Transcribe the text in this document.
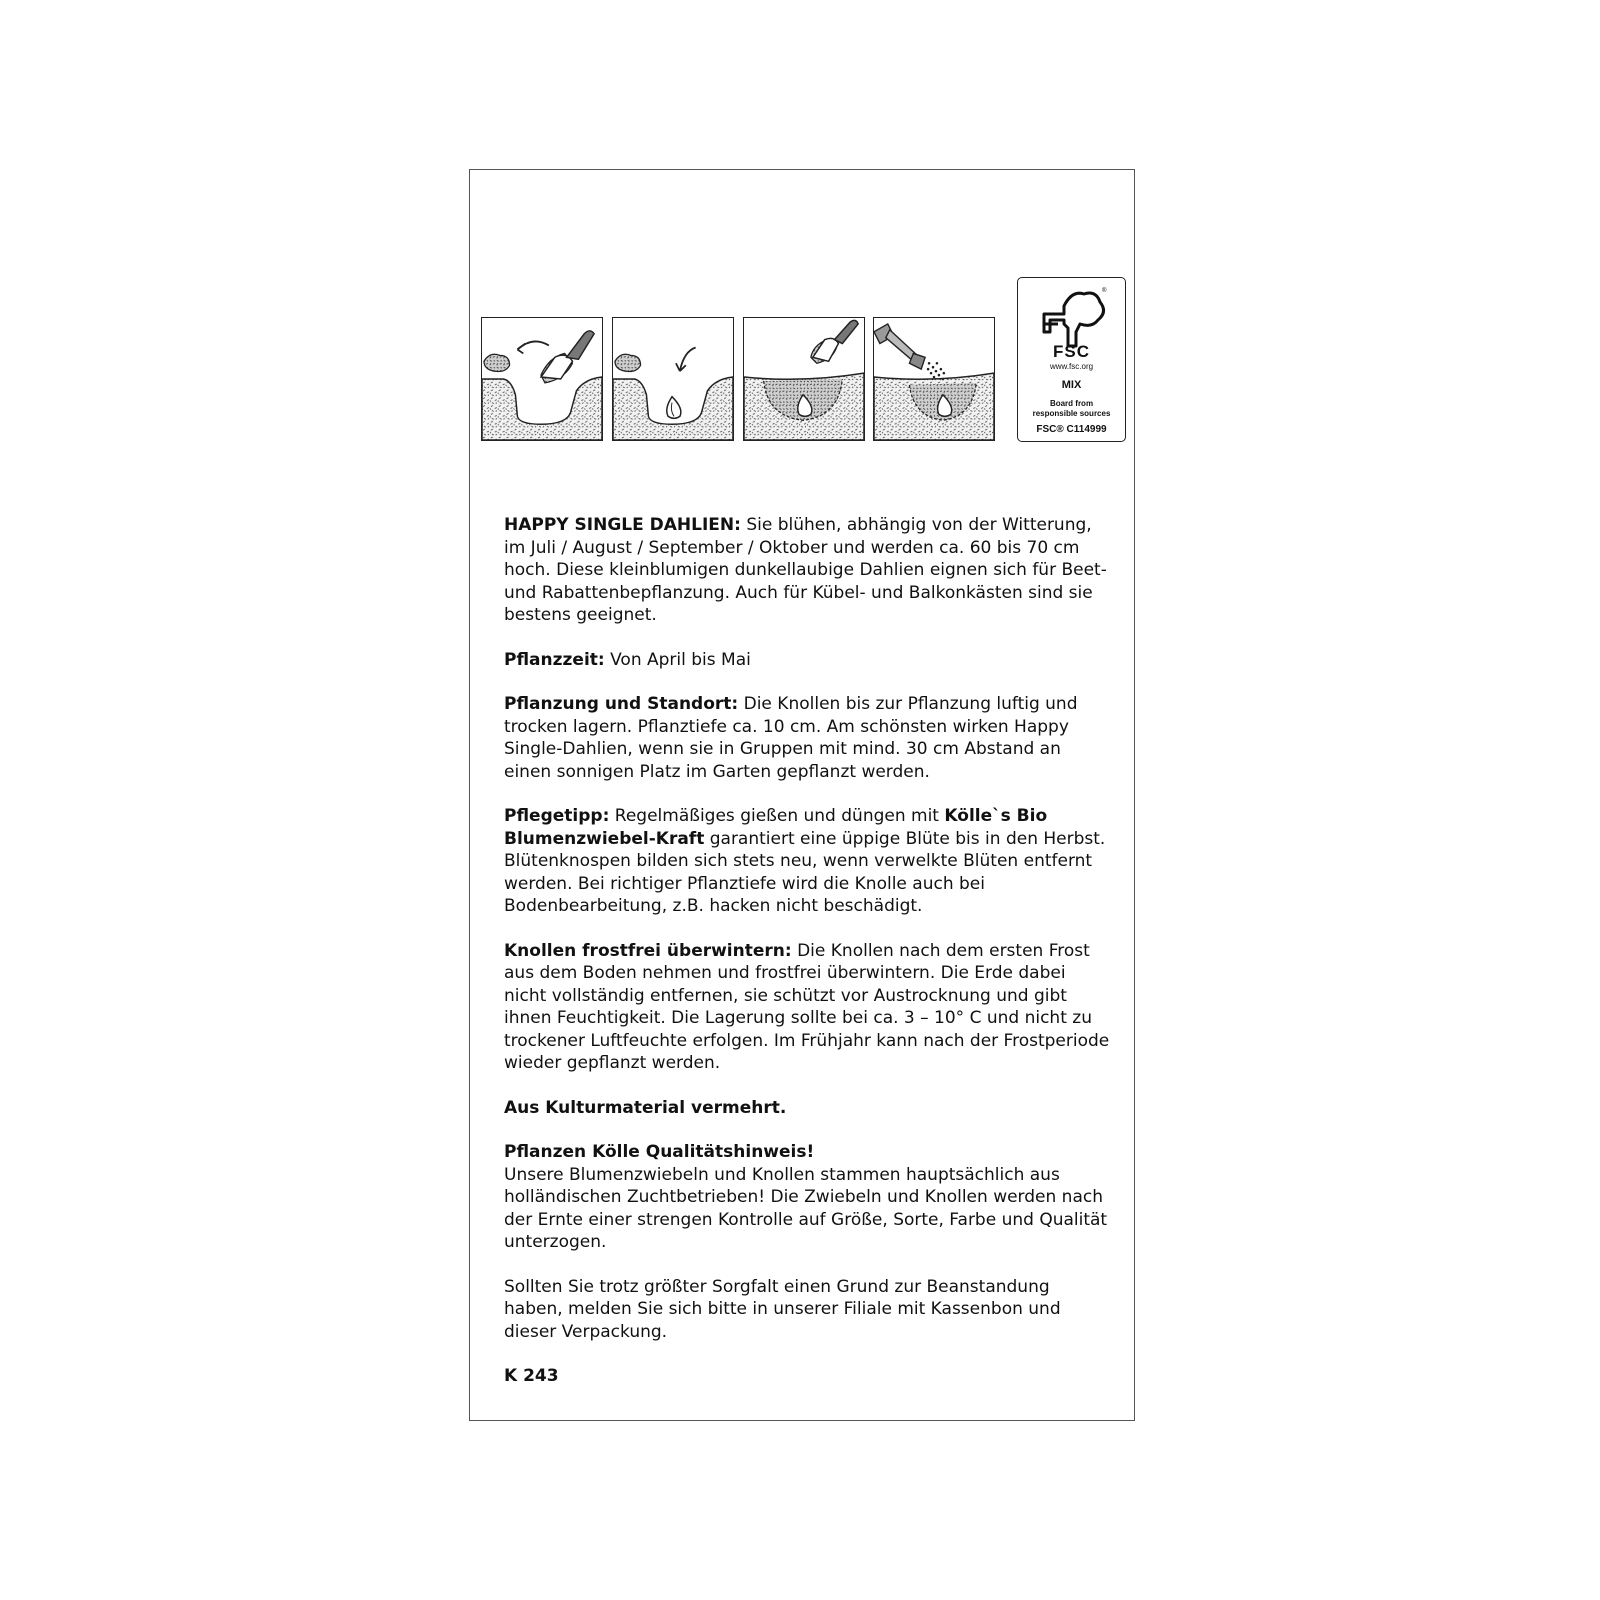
®
FSC
www.fsc.org
MIX
Board from
responsible sources
FSC® C114999

HAPPY SINGLE DAHLIEN: Sie blühen, abhängig von der Witterung, im Juli / August / September / Oktober und werden ca. 60 bis 70 cm hoch. Diese kleinblumigen dunkellaubige Dahlien eignen sich für Beet- und Rabattenbepflanzung. Auch für Kübel- und Balkonkästen sind sie bestens geeignet.

Pflanzzeit: Von April bis Mai

Pflanzung und Standort: Die Knollen bis zur Pflanzung luftig und trocken lagern. Pflanztiefe ca. 10 cm. Am schönsten wirken Happy Single-Dahlien, wenn sie in Gruppen mit mind. 30 cm Abstand an einen sonnigen Platz im Garten gepflanzt werden.

Pflegetipp: Regelmäßiges gießen und düngen mit Kölle`s Bio Blumenzwiebel-Kraft garantiert eine üppige Blüte bis in den Herbst. Blütenknospen bilden sich stets neu, wenn verwelkte Blüten entfernt werden. Bei richtiger Pflanztiefe wird die Knolle auch bei Bodenbearbeitung, z.B. hacken nicht beschädigt.

Knollen frostfrei überwintern: Die Knollen nach dem ersten Frost aus dem Boden nehmen und frostfrei überwintern. Die Erde dabei nicht vollständig entfernen, sie schützt vor Austrocknung und gibt ihnen Feuchtigkeit. Die Lagerung sollte bei ca. 3 – 10° C und nicht zu trockener Luftfeuchte erfolgen. Im Frühjahr kann nach der Frostperiode wieder gepflanzt werden.

Aus Kulturmaterial vermehrt.

Pflanzen Kölle Qualitätshinweis!
Unsere Blumenzwiebeln und Knollen stammen hauptsächlich aus holländischen Zuchtbetrieben! Die Zwiebeln und Knollen werden nach der Ernte einer strengen Kontrolle auf Größe, Sorte, Farbe und Qualität unterzogen.

Sollten Sie trotz größter Sorgfalt einen Grund zur Beanstandung haben, melden Sie sich bitte in unserer Filiale mit Kassenbon und dieser Verpackung.

K 243
